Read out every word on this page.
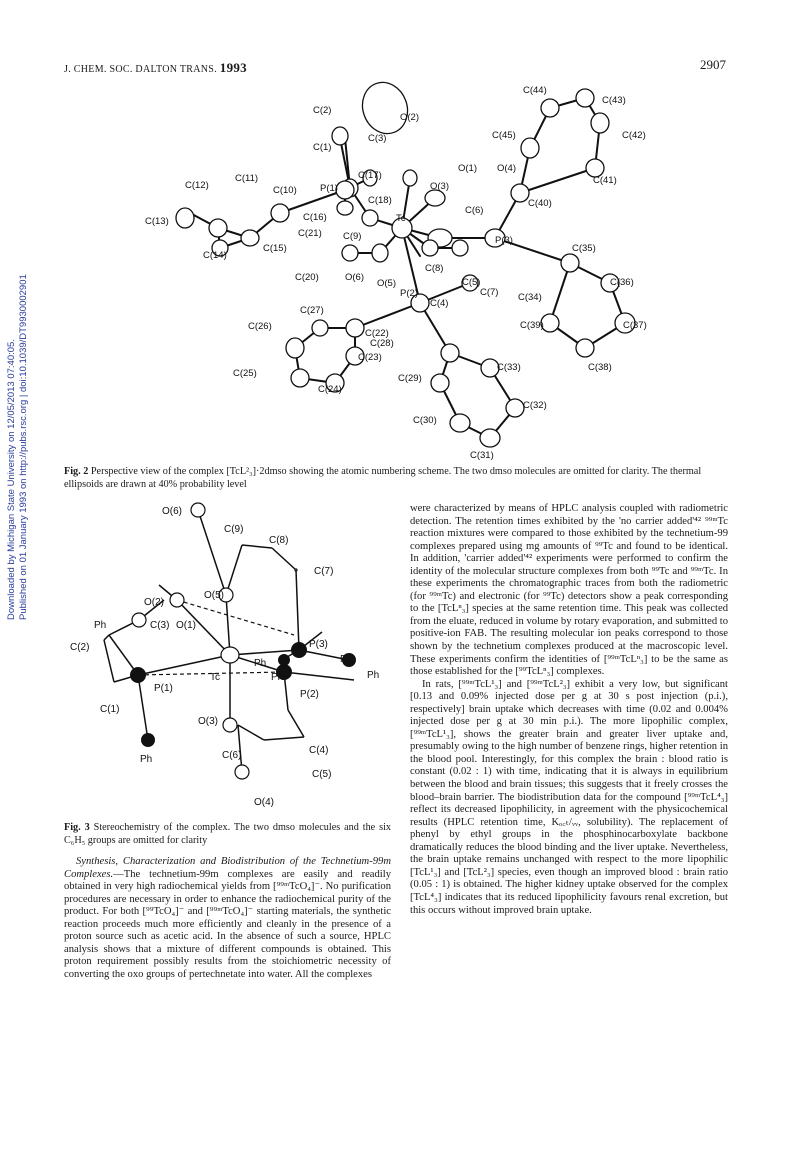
J. CHEM. SOC. DALTON TRANS. 1993	2907
Downloaded by Michigan State University on 12/05/2013 07:40:05. Published on 01 January 1993 on http://pubs.rsc.org | doi:10.1039/DT9930002901
C(44)
C(43)
C(2)
O(2)
C(3)
C(1)
C(45)	C(42)
O(1) O(4)
C(17)
C(12)
C(11)
C(10) P(1)	O(3)
C(41)
C(18)
C(16)
C(40)
C(13)
C(6)
Tc
C(21) C(9)	P(3)
C(35)
C(14)
C(15)
C(8)
C(20)	O(6)
O(5)	C(5)	C(36)
C(7)
C(4)
C(34)
C(27)
P(2)
C(26)
C(22)
C(39)	C(37)
C(23)
C(28)
C(25)
C(24)
C(33)	C(38)
C(29)
C(32)
C(30)
C(31)
Fig. 2 Perspective view of the complex [TcL²₃]·2dmso showing the atomic numbering scheme. The two dmso molecules are omitted for clarity. The thermal ellipsoids are drawn at 40% probability level
O(6)
C(9)
C(8)
C(7)
O(5)
O(2)
C(3) O(1)
P(3)
Ph
Ph	Ph
C(2)
Ph
Ph
Tc
P(1)
P(2)
C(1)
O(3)
Ph
C(4)
C(6)
C(5)
O(4)
Fig. 3 Stereochemistry of the complex. The two dmso molecules and the six C₆H₅ groups are omitted for clarity

Synthesis, Characterization and Biodistribution of the Technetium-99m Complexes.—The technetium-99m complexes are easily and readily obtained in very high radiochemical yields from [⁹⁹ᵐTcO₄]⁻. No purification procedures are necessary in order to enhance the radiochemical purity of the product. For both [⁹⁹TcO₄]⁻ and [⁹⁹ᵐTcO₄]⁻ starting materials, the synthetic reaction proceeds much more efficiently and cleanly in the presence of a proton source such as acetic acid. In the absence of such a source, HPLC analysis shows that a mixture of different compounds is obtained. This proton requirement possibly results from the stoichiometric necessity of converting the oxo groups of pertechnetate into water. All the complexes

were characterized by means of HPLC analysis coupled with radiometric detection. The retention times exhibited by the 'no carrier added'⁴² ⁹⁹ᵐTc reaction mixtures were compared to those exhibited by the technetium-99 complexes prepared using mg amounts of ⁹⁹Tc and found to be identical. In addition, 'carrier added'⁴² experiments were performed to confirm the identity of the molecular structure complexes from both ⁹⁹Tc and ⁹⁹ᵐTc. In these experiments the chromatographic traces from both the radiometric (for ⁹⁹ᵐTc) and electronic (for ⁹⁹Tc) detectors show a peak corresponding to the [TcLⁿ₃] species at the same retention time. This peak was collected from the eluate, reduced in volume by rotary evaporation, and submitted to positive-ion FAB. The resulting molecular ion peaks correspond to those shown by the technetium complexes produced at the macroscopic level. These experiments confirm the identities of [⁹⁹ᵐTcLⁿ₃] to be the same as those established for the [⁹⁹TcLⁿ₃] complexes.

In rats, [⁹⁹ᵐTcL¹₃] and [⁹⁹ᵐTcL²₃] exhibit a very low, but significant [0.13 and 0.09% injected dose per g at 30 s post injection (p.i.), respectively] brain uptake which decreases with time (0.02 and 0.004% injected dose per g at 30 min p.i.). The more lipophilic complex, [⁹⁹ᵐTcL¹₃], shows the greater brain and greater liver uptake and, presumably owing to the high number of benzene rings, higher retention in the blood pool. Interestingly, for this complex the brain : blood ratio is constant (0.02 : 1) with time, indicating that it is always in equilibrium between the blood and brain tissues; this suggests that it freely crosses the blood–brain barrier. The biodistribution data for the compound [⁹⁹ᵐTcL⁴₃] reflect its decreased lipophilicity, in agreement with the physicochemical results (HPLC retention time, Kₒ꜀ₜ/ᵥᵥ, solubility). The replacement of phenyl by ethyl groups in the phosphinocarboxylate backbone dramatically reduces the blood binding and the liver uptake. Nevertheless, the brain uptake remains unchanged with respect to the more lipophilic [TcL¹₃] and [TcL²₃] species, even though an improved blood : brain ratio (0.05 : 1) is obtained. The higher kidney uptake observed for the complex [TcL⁴₃] indicates that its reduced lipophilicity favours renal excretion, but this occurs without improved brain uptake.
